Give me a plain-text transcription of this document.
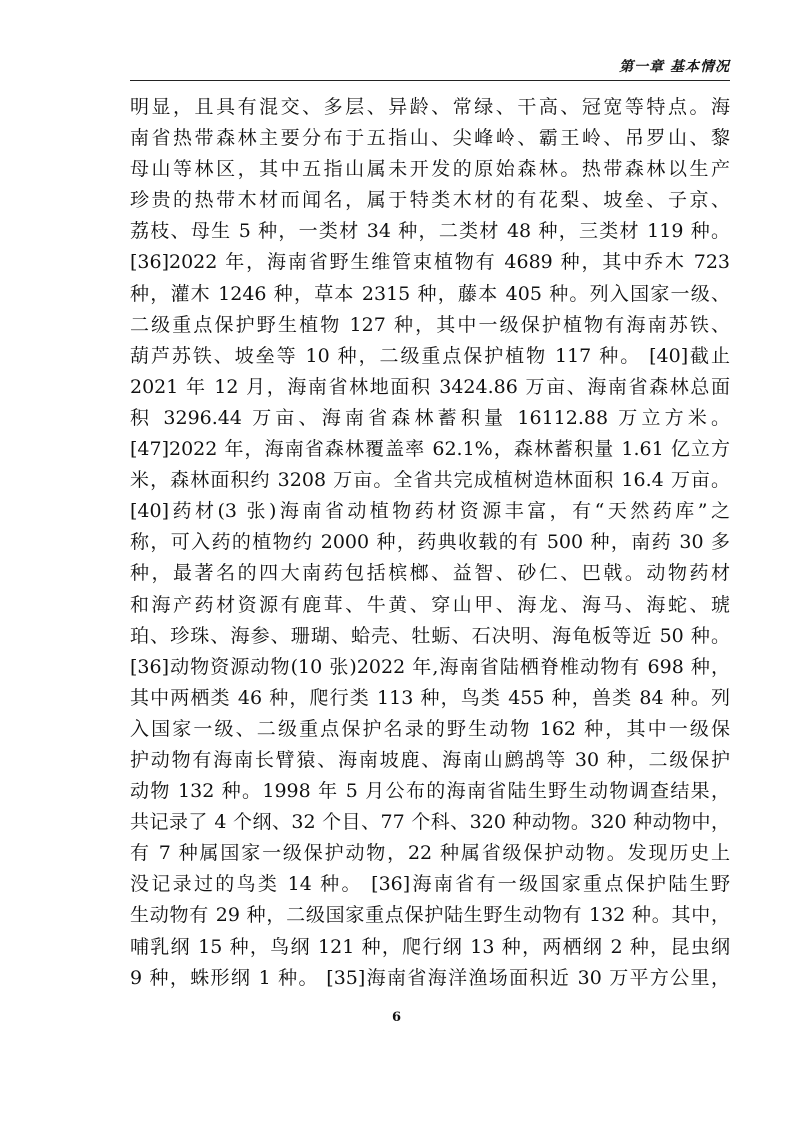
第一章 基本情况
明显，且具有混交、多层、异龄、常绿、干高、冠宽等特点。海
南省热带森林主要分布于五指山、尖峰岭、霸王岭、吊罗山、黎
母山等林区，其中五指山属未开发的原始森林。热带森林以生产
珍贵的热带木材而闻名，属于特类木材的有花梨、坡垒、子京、
荔枝、母生 5 种，一类材 34 种，二类材 48 种，三类材 119 种。
[36]2022 年，海南省野生维管束植物有 4689 种，其中乔木 723
种，灌木 1246 种，草本 2315 种，藤本 405 种。列入国家一级、
二级重点保护野生植物 127 种，其中一级保护植物有海南苏铁、
葫芦苏铁、坡垒等 10 种，二级重点保护植物 117 种。 [40]截止
2021 年 12 月，海南省林地面积 3424.86 万亩、海南省森林总面
积 3296.44 万亩、海南省森林蓄积量 16112.88 万立方米。
[47]2022 年，海南省森林覆盖率 62.1%，森林蓄积量 1.61 亿立方
米，森林面积约 3208 万亩。全省共完成植树造林面积 16.4 万亩。
[40]药材(3 张)海南省动植物药材资源丰富，有“天然药库”之
称，可入药的植物约 2000 种，药典收载的有 500 种，南药 30 多
种，最著名的四大南药包括槟榔、益智、砂仁、巴戟。动物药材
和海产药材资源有鹿茸、牛黄、穿山甲、海龙、海马、海蛇、琥
珀、珍珠、海参、珊瑚、蛤壳、牡蛎、石决明、海龟板等近 50 种。
[36]动物资源动物(10 张)2022 年,海南省陆栖脊椎动物有 698 种，
其中两栖类 46 种，爬行类 113 种，鸟类 455 种，兽类 84 种。列
入国家一级、二级重点保护名录的野生动物 162 种，其中一级保
护动物有海南长臂猿、海南坡鹿、海南山鹧鸪等 30 种，二级保护
动物 132 种。1998 年 5 月公布的海南省陆生野生动物调查结果，
共记录了 4 个纲、32 个目、77 个科、320 种动物。320 种动物中，
有 7 种属国家一级保护动物，22 种属省级保护动物。发现历史上
没记录过的鸟类 14 种。 [36]海南省有一级国家重点保护陆生野
生动物有 29 种，二级国家重点保护陆生野生动物有 132 种。其中，
哺乳纲 15 种，鸟纲 121 种，爬行纲 13 种，两栖纲 2 种，昆虫纲
9 种，蛛形纲 1 种。 [35]海南省海洋渔场面积近 30 万平方公里，
6
